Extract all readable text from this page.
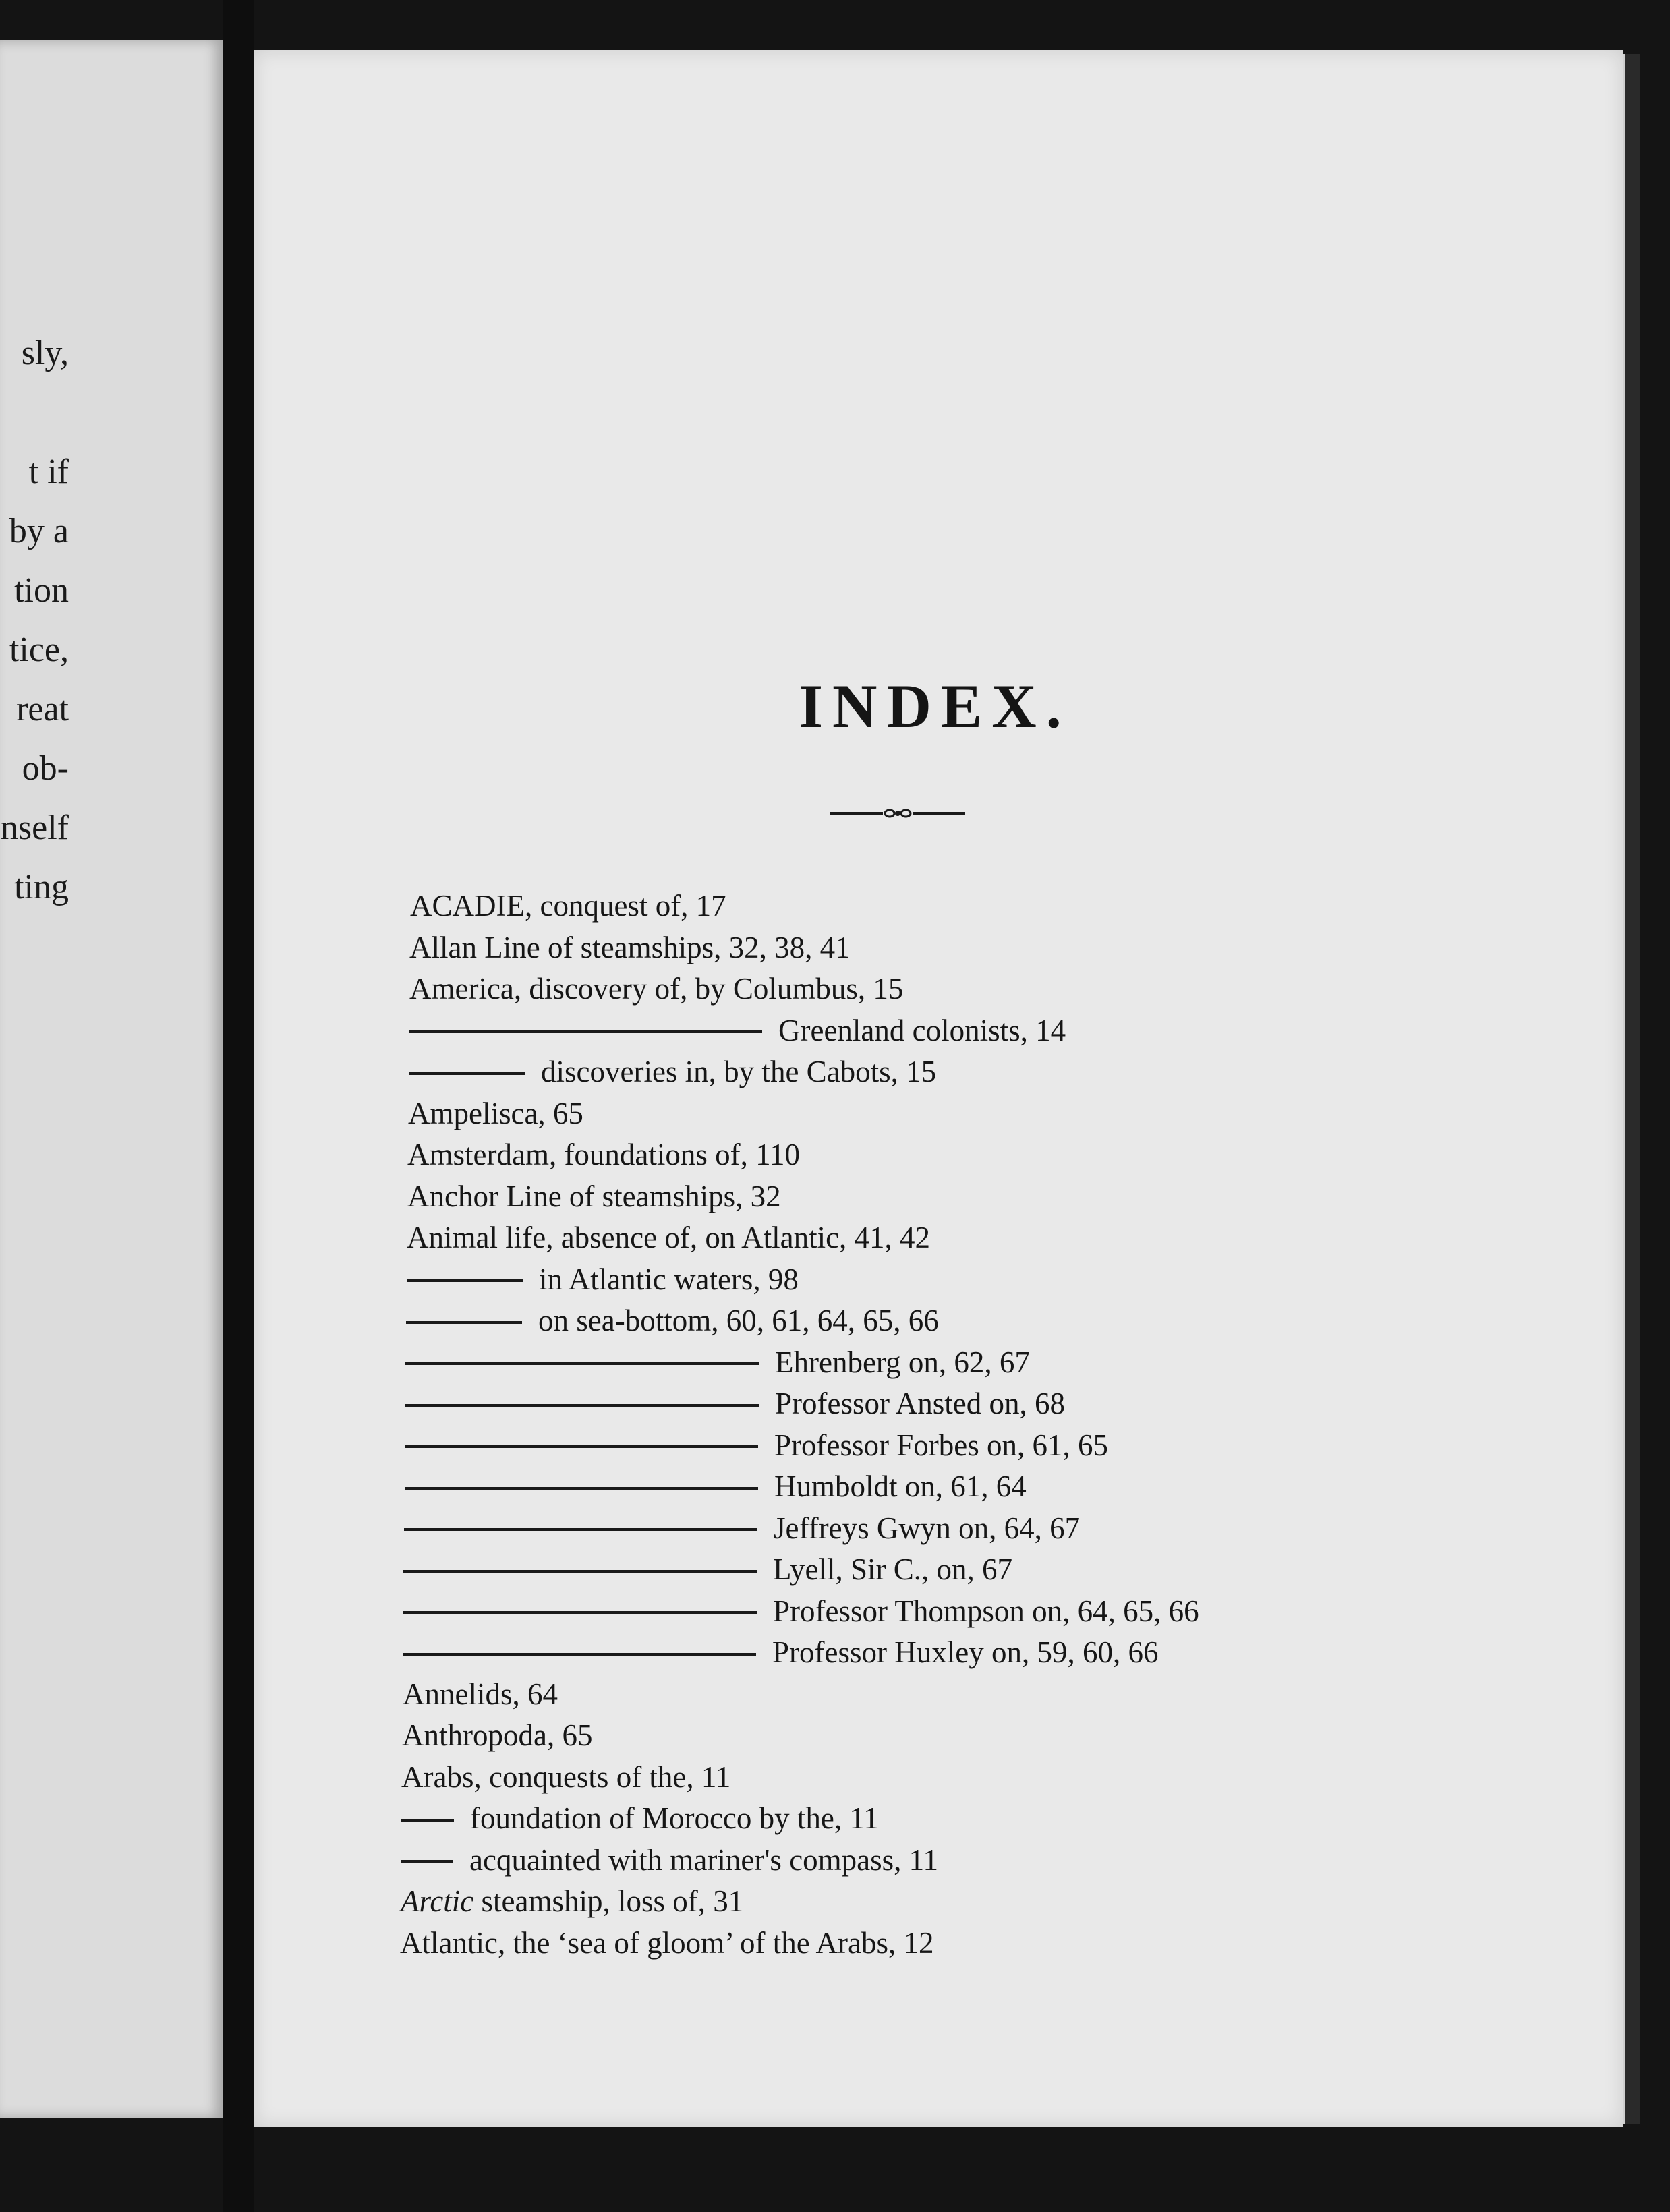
sly,
t if
by a
tion
tice,
reat
ob-
nself
ting
INDEX.
ACADIE, conquest of, 17
Allan Line of steamships, 32, 38, 41
America, discovery of, by Columbus, 15
Greenland colonists, 14
discoveries in, by the Cabots, 15
Ampelisca, 65
Amsterdam, foundations of, 110
Anchor Line of steamships, 32
Animal life, absence of, on Atlantic, 41, 42
in Atlantic waters, 98
on sea-bottom, 60, 61, 64, 65, 66
Ehrenberg on, 62, 67
Professor Ansted on, 68
Professor Forbes on, 61, 65
Humboldt on, 61, 64
Jeffreys Gwyn on, 64, 67
Lyell, Sir C., on, 67
Professor Thompson on, 64, 65, 66
Professor Huxley on, 59, 60, 66
Annelids, 64
Anthropoda, 65
Arabs, conquests of the, 11
foundation of Morocco by the, 11
acquainted with mariner's compass, 11
Arctic steamship, loss of, 31
Atlantic, the ‘sea of gloom’ of the Arabs, 12
